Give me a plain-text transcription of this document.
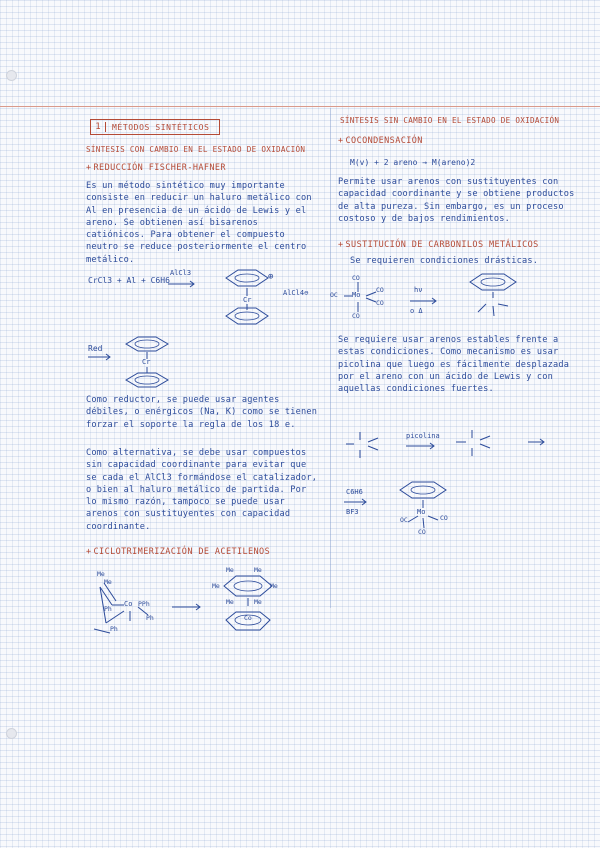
1	MÉTODOS SINTÉTICOS
SÍNTESIS CON CAMBIO EN EL ESTADO DE OXIDACIÓN
SÍNTESIS SIN CAMBIO EN EL ESTADO DE OXIDACIÓN
+ REDUCCIÓN FISCHER-HAFNER
Es un método sintético muy importante consiste en reducir un haluro metálico con Al en presencia de un ácido de Lewis y el areno. Se obtienen así bisarenos catiónicos. Para obtener el compuesto neutro se reduce posteriormente el centro metálico.
CrCl3 + Al + C6H6
AlCl3
Cr
⊕
AlCl4⊖
Red
Cr
Como reductor, se puede usar agentes débiles, o enérgicos (Na, K) como se tienen forzar el soporte la regla de los 18 e.
Como alternativa, se debe usar compuestos sin capacidad coordinante para evitar que se cada el AlCl3 formándose el catalizador, o bien al haluro metálico de partida. Por lo mismo razón, tampoco se puede usar arenos con sustituyentes con capacidad coordinante.
+ CICLOTRIMERIZACIÓN DE ACETILENOS
Me
Me
Co PPh
Ph
Ph
Ph
Me	Me
Me	Me
Me	Me
Co
+ COCONDENSACIÓN
M(v) + 2 areno → M(areno)2
Permite usar arenos con sustituyentes con capacidad coordinante y se obtiene productos de alta pureza. Sin embargo, es un proceso costoso y de bajos rendimientos.
+ SUSTITUCIÓN DE CARBONILOS METÁLICOS
Se requieren condiciones drásticas.
CO
OC Mo
CO
CO
CO
hν
o Δ
Se requiere usar arenos estables frente a estas condiciones. Como mecanismo es usar picolina que luego es fácilmente desplazada por el areno con un ácido de Lewis y con aquellas condiciones fuertes.
picolina
C6H6
BF3
OC
Mo
CO
CO
